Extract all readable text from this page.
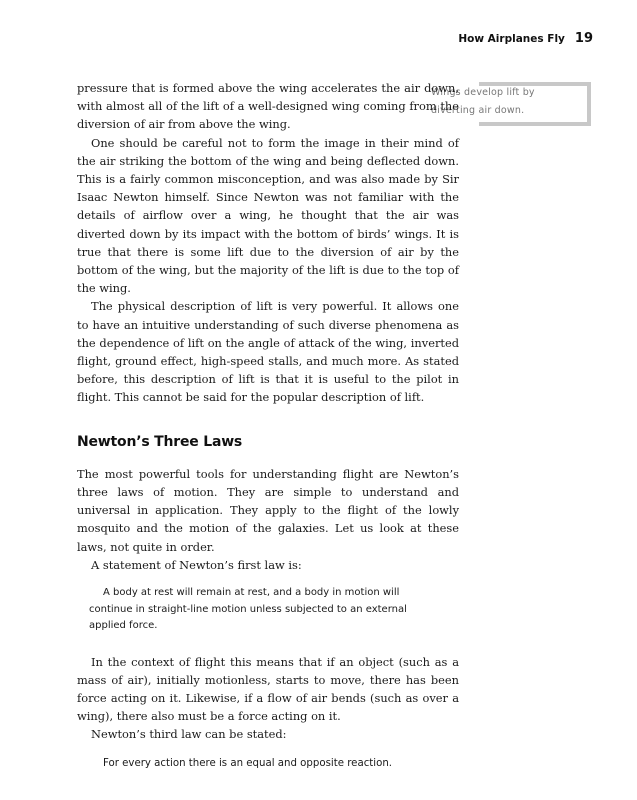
How Airplanes Fly 19
Wings develop lift by diverting air down.

pressure that is formed above the wing accelerates the air down, with almost all of the lift of a well-designed wing coming from the diversion of air from above the wing.

One should be careful not to form the image in their mind of the air striking the bottom of the wing and being deflected down. This is a fairly common misconception, and was also made by Sir Isaac Newton himself. Since Newton was not familiar with the details of airflow over a wing, he thought that the air was diverted down by its impact with the bottom of birds’ wings. It is true that there is some lift due to the diversion of air by the bottom of the wing, but the majority of the lift is due to the top of the wing.

The physical description of lift is very powerful. It allows one to have an intuitive understanding of such diverse phenomena as the dependence of lift on the angle of attack of the wing, inverted flight, ground effect, high-speed stalls, and much more. As stated before, this description of lift is that it is useful to the pilot in flight. This cannot be said for the popular description of lift.

Newton’s Three Laws

The most powerful tools for understanding flight are Newton’s three laws of motion. They are simple to understand and universal in application. They apply to the flight of the lowly mosquito and the motion of the galaxies. Let us look at these laws, not quite in order.

A statement of Newton’s first law is:

A body at rest will remain at rest, and a body in motion will continue in straight-line motion unless subjected to an external applied force.

In the context of flight this means that if an object (such as a mass of air), initially motionless, starts to move, there has been force acting on it. Likewise, if a flow of air bends (such as over a wing), there also must be a force acting on it.

Newton’s third law can be stated:

For every action there is an equal and opposite reaction.
